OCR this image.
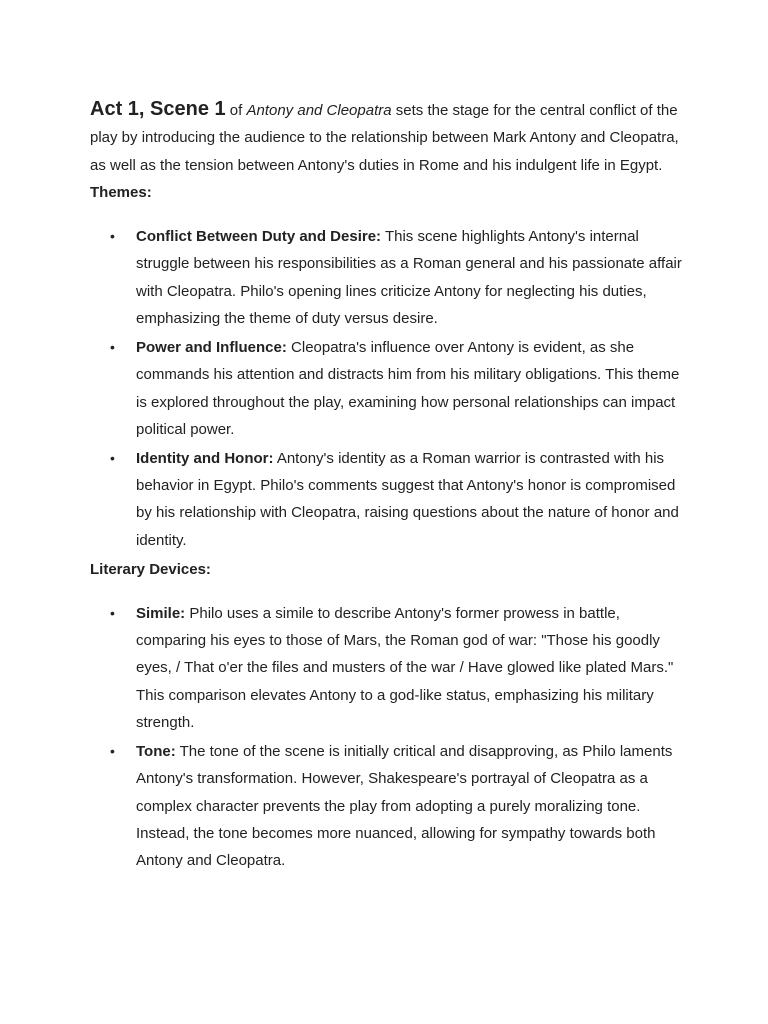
Act 1, Scene 1 of Antony and Cleopatra sets the stage for the central conflict of the play by introducing the audience to the relationship between Mark Antony and Cleopatra, as well as the tension between Antony's duties in Rome and his indulgent life in Egypt.

Themes:

• Conflict Between Duty and Desire: This scene highlights Antony's internal struggle between his responsibilities as a Roman general and his passionate affair with Cleopatra. Philo's opening lines criticize Antony for neglecting his duties, emphasizing the theme of duty versus desire.
• Power and Influence: Cleopatra's influence over Antony is evident, as she commands his attention and distracts him from his military obligations. This theme is explored throughout the play, examining how personal relationships can impact political power.
• Identity and Honor: Antony's identity as a Roman warrior is contrasted with his behavior in Egypt. Philo's comments suggest that Antony's honor is compromised by his relationship with Cleopatra, raising questions about the nature of honor and identity.

Literary Devices:

• Simile: Philo uses a simile to describe Antony's former prowess in battle, comparing his eyes to those of Mars, the Roman god of war: "Those his goodly eyes, / That o'er the files and musters of the war / Have glowed like plated Mars." This comparison elevates Antony to a god-like status, emphasizing his military strength.
• Tone: The tone of the scene is initially critical and disapproving, as Philo laments Antony's transformation. However, Shakespeare's portrayal of Cleopatra as a complex character prevents the play from adopting a purely moralizing tone. Instead, the tone becomes more nuanced, allowing for sympathy towards both Antony and Cleopatra.
